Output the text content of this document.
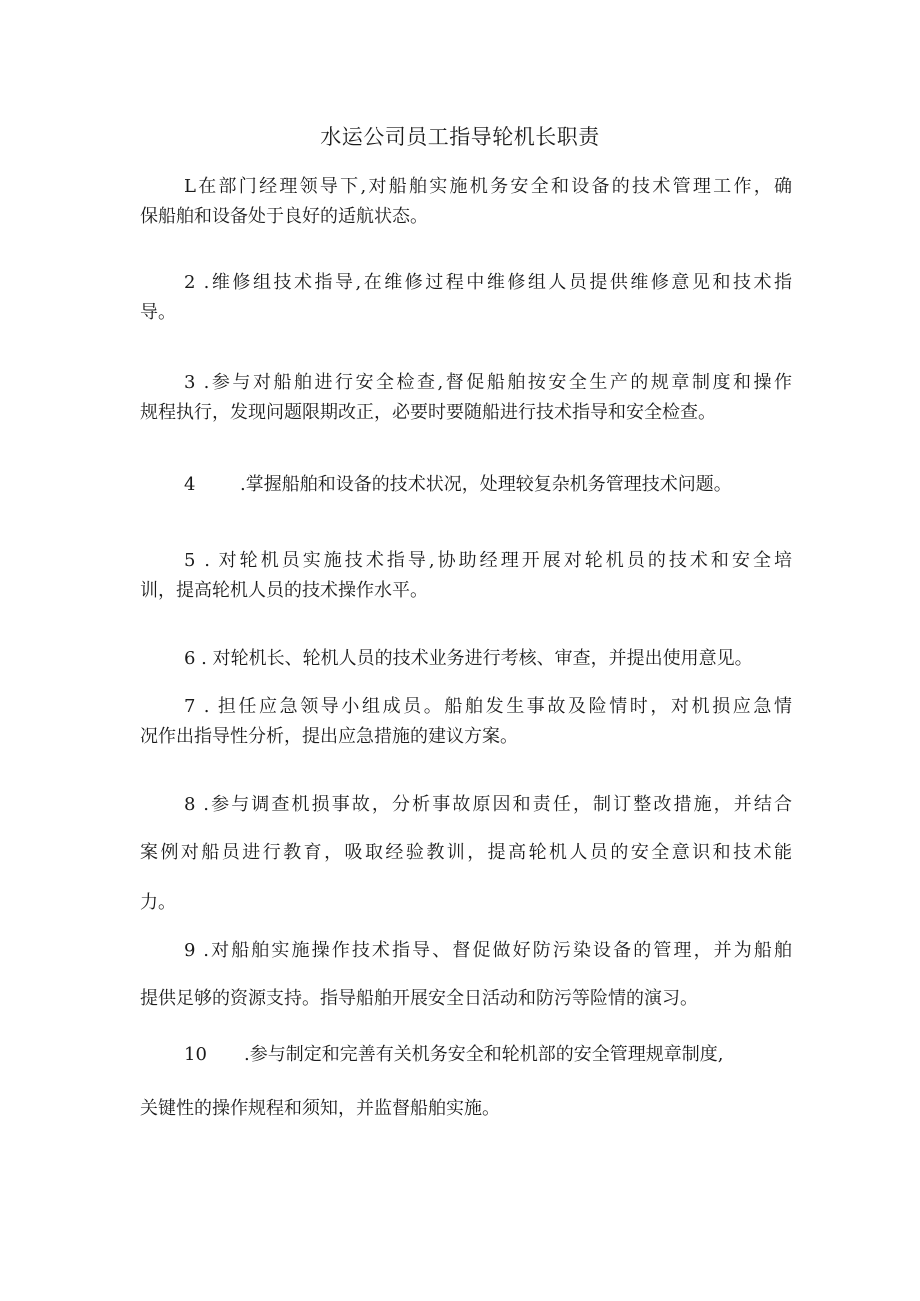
水运公司员工指导轮机长职责
L在部门经理领导下,对船舶实施机务安全和设备的技术管理工作，确
保船舶和设备处于良好的适航状态。
2 .维修组技术指导,在维修过程中维修组人员提供维修意见和技术指
导。
3 .参与对船舶进行安全检查,督促船舶按安全生产的规章制度和操作
规程执行，发现问题限期改正，必要时要随船进行技术指导和安全检查。
4 .掌握船舶和设备的技术状况，处理较复杂机务管理技术问题。
5 . 对轮机员实施技术指导,协助经理开展对轮机员的技术和安全培
训，提高轮机人员的技术操作水平。
6 . 对轮机长、轮机人员的技术业务进行考核、审查，并提出使用意见。
7 . 担任应急领导小组成员。船舶发生事故及险情时，对机损应急情
况作出指导性分析，提出应急措施的建议方案。
8 .参与调查机损事故，分析事故原因和责任，制订整改措施，并结合
案例对船员进行教育，吸取经验教训，提高轮机人员的安全意识和技术能
力。
9 .对船舶实施操作技术指导、督促做好防污染设备的管理，并为船舶
提供足够的资源支持。指导船舶开展安全日活动和防污等险情的演习。
10 .参与制定和完善有关机务安全和轮机部的安全管理规章制度,
关键性的操作规程和须知，并监督船舶实施。
